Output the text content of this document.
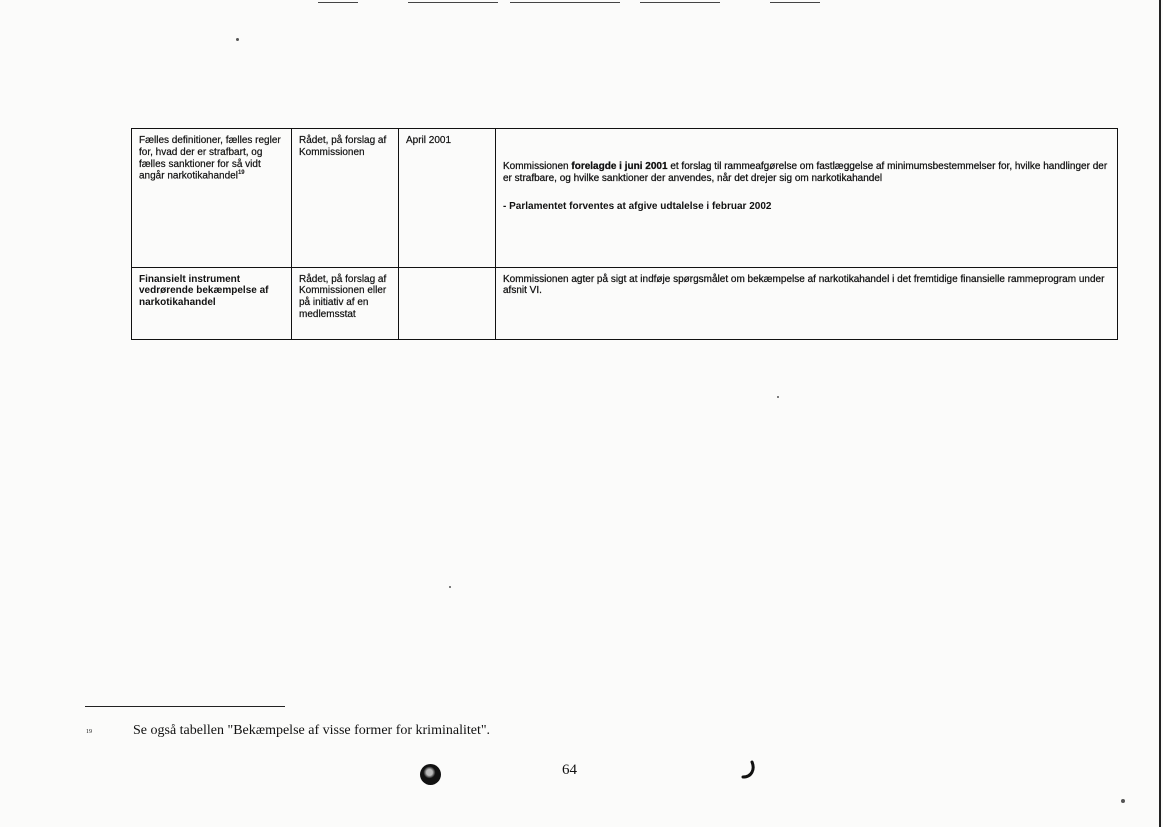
Fælles definitioner, fælles regler for, hvad der er strafbart, og fælles sanktioner for så vidt angår narkotikahandel$^{19}$	Rådet, på forslag af Kommissionen	April 2001	Kommissionen forelagde i juni 2001 et forslag til rammeafgørelse om fastlæggelse af minimumsbestemmelser for, hvilke handlinger der er strafbare, og hvilke sanktioner der anvendes, når det drejer sig om narkotikahandel
- Parlamentet forventes at afgive udtalelse i februar 2002

Finansielt instrument vedrørende bekæmpelse af narkotikahandel	Rådet, på forslag af Kommissionen eller på initiativ af en medlemsstat		Kommissionen agter på sigt at indføje spørgsmålet om bekæmpelse af narkotikahandel i det fremtidige finansielle rammeprogram under afsnit VI.
19	Se også tabellen "Bekæmpelse af visse former for kriminalitet".
64
